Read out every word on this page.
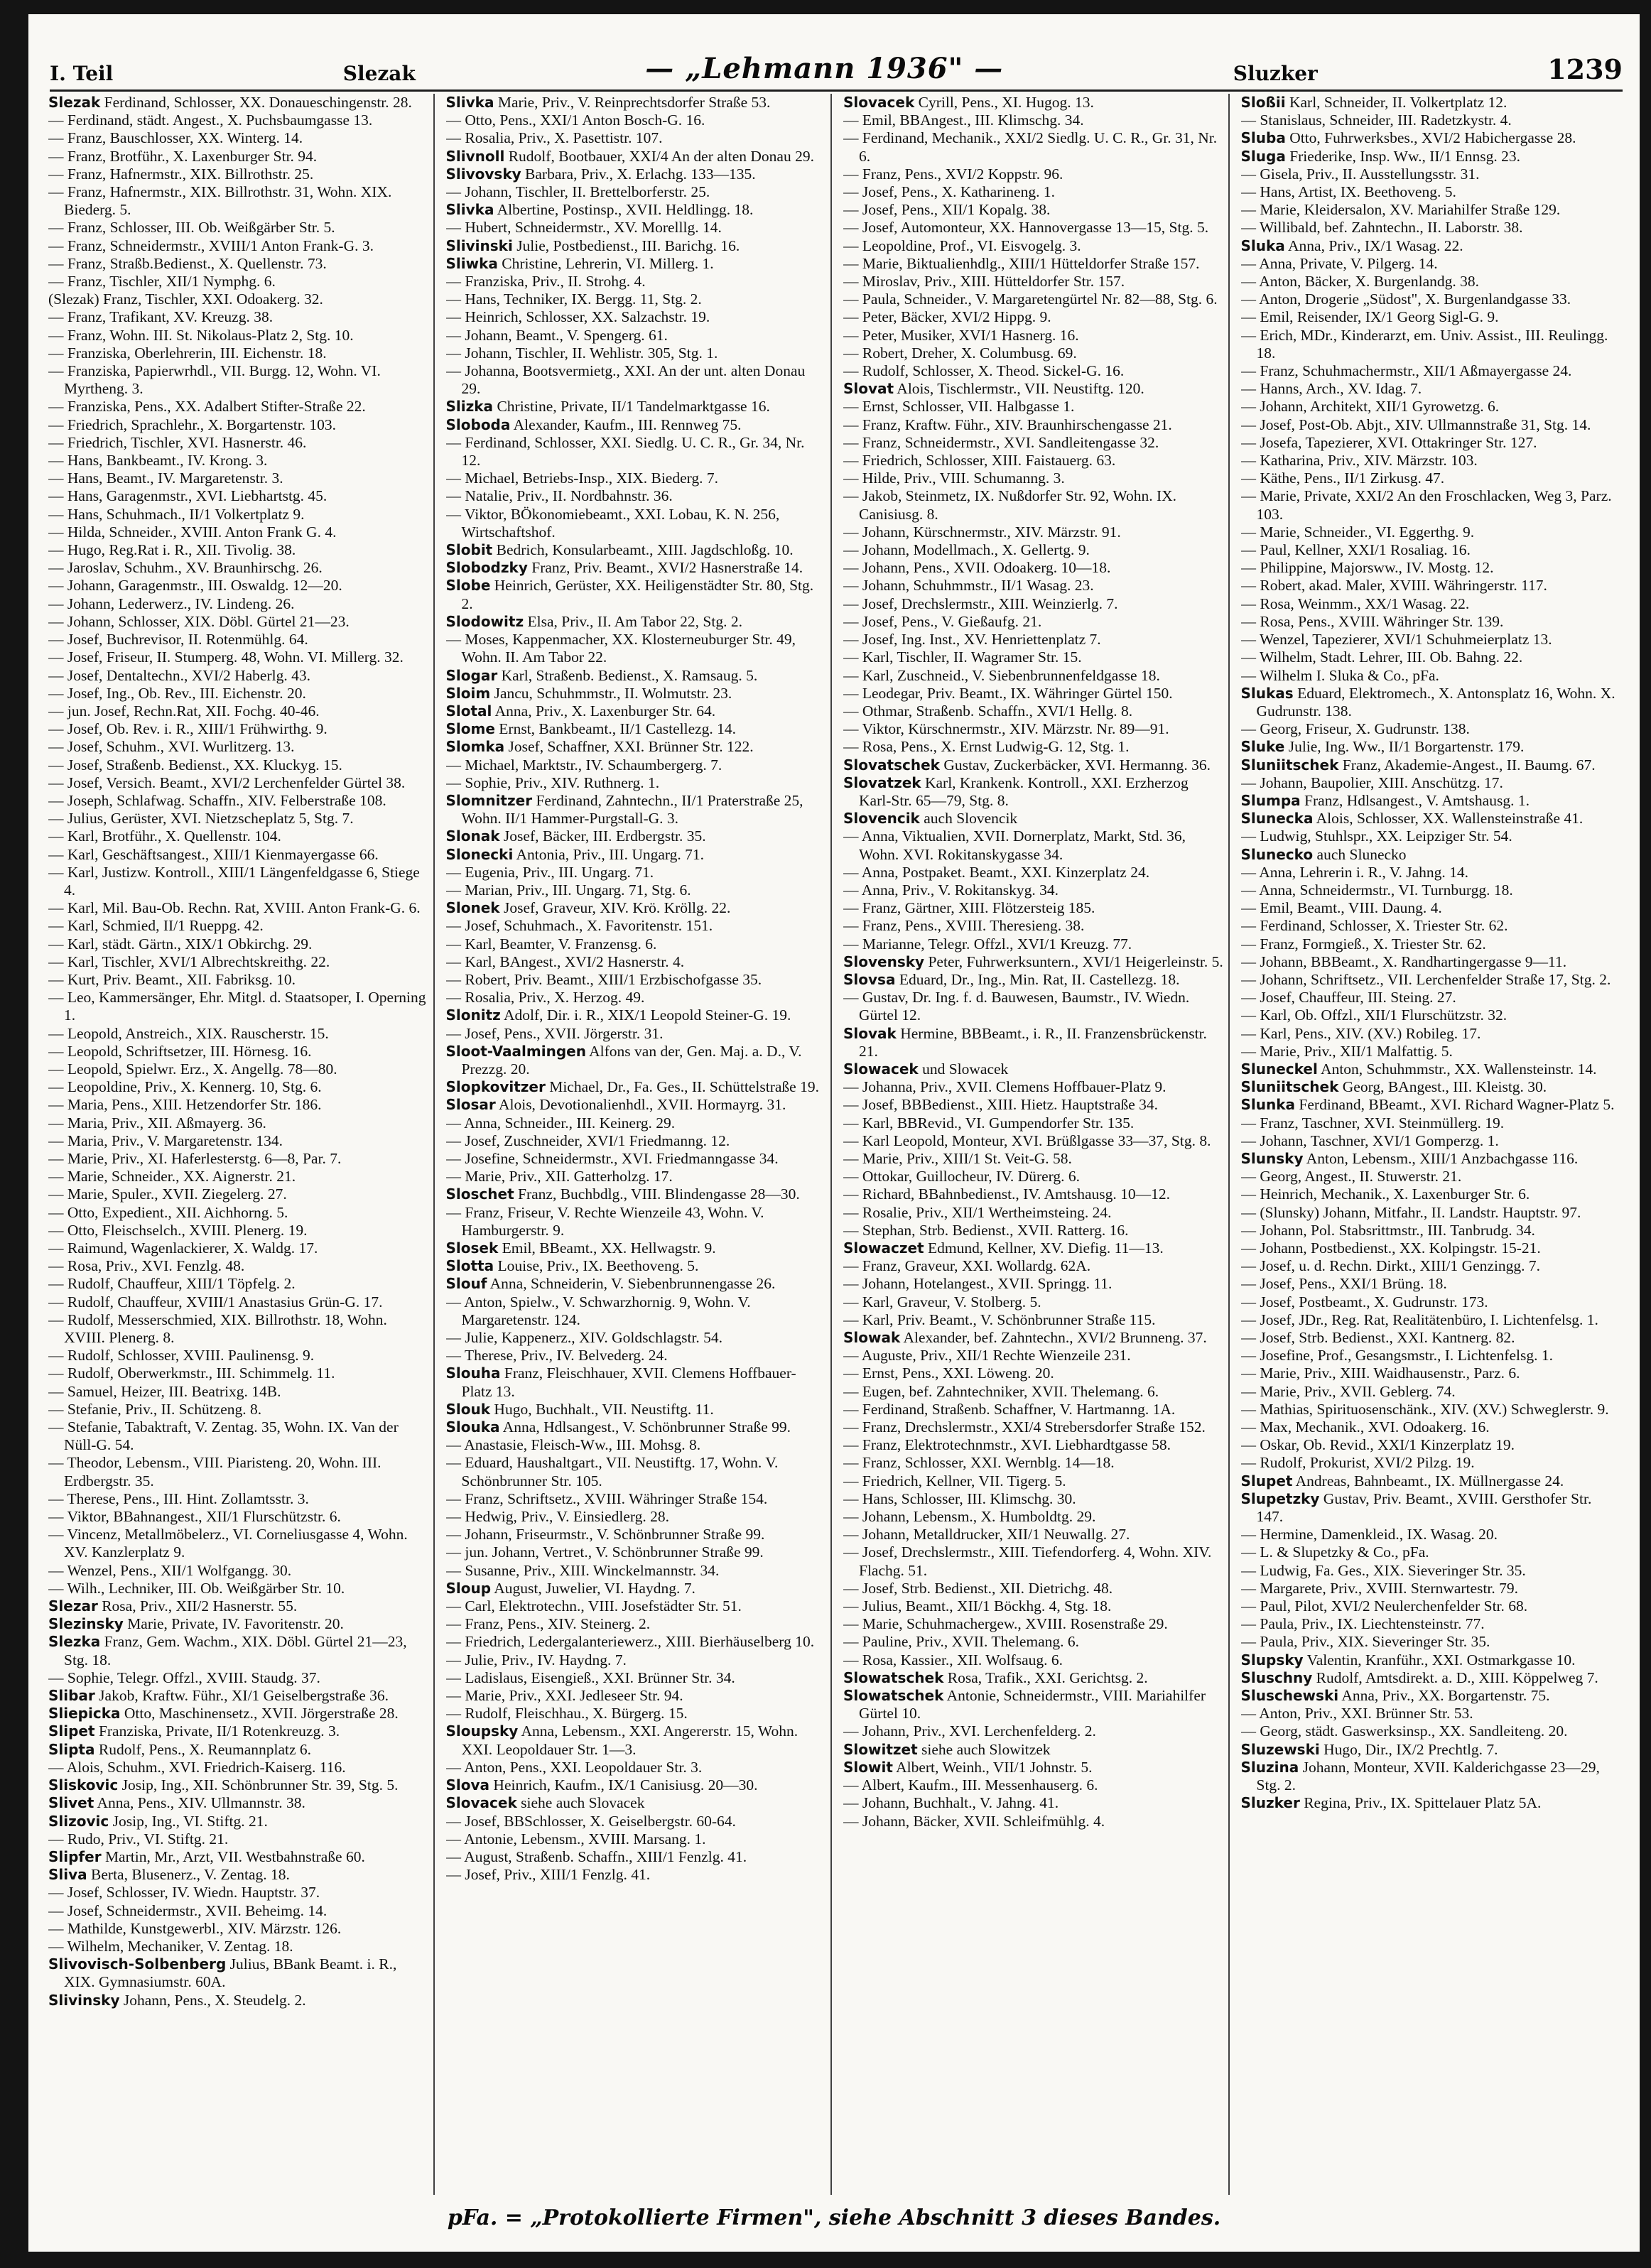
I. Teil	Slezak	— „Lehmann 1936" —	Sluzker	1239

Slezak Ferdinand, Schlosser, XX. Donaueschingenstr. 28.

— Ferdinand, städt. Angest., X. Puchsbaumgasse 13.

— Franz, Bauschlosser, XX. Winterg. 14.

— Franz, Brotführ., X. Laxenburger Str. 94.

— Franz, Hafnermstr., XIX. Billrothstr. 25.

— Franz, Hafnermstr., XIX. Billrothstr. 31, Wohn. XIX. Biederg. 5.

— Franz, Schlosser, III. Ob. Weißgärber Str. 5.

— Franz, Schneidermstr., XVIII/1 Anton Frank-G. 3.

— Franz, Straßb.Bedienst., X. Quellenstr. 73.

— Franz, Tischler, XII/1 Nymphg. 6.

(Slezak) Franz, Tischler, XXI. Odoakerg. 32.

— Franz, Trafikant, XV. Kreuzg. 38.

— Franz, Wohn. III. St. Nikolaus-Platz 2, Stg. 10.

— Franziska, Oberlehrerin, III. Eichenstr. 18.

— Franziska, Papierwrhdl., VII. Burgg. 12, Wohn. VI. Myrtheng. 3.

— Franziska, Pens., XX. Adalbert Stifter-Straße 22.

— Friedrich, Sprachlehr., X. Borgartenstr. 103.

— Friedrich, Tischler, XVI. Hasnerstr. 46.

— Hans, Bankbeamt., IV. Krong. 3.

— Hans, Beamt., IV. Margaretenstr. 3.

— Hans, Garagenmstr., XVI. Liebhartstg. 45.

— Hans, Schuhmach., II/1 Volkertplatz 9.

— Hilda, Schneider., XVIII. Anton Frank G. 4.

— Hugo, Reg.Rat i. R., XII. Tivolig. 38.

— Jaroslav, Schuhm., XV. Braunhirschg. 26.

— Johann, Garagenmstr., III. Oswaldg. 12—20.

— Johann, Lederwerz., IV. Lindeng. 26.

— Johann, Schlosser, XIX. Döbl. Gürtel 21—23.

— Josef, Buchrevisor, II. Rotenmühlg. 64.

— Josef, Friseur, II. Stumperg. 48, Wohn. VI. Millerg. 32.

— Josef, Dentaltechn., XVI/2 Haberlg. 43.

— Josef, Ing., Ob. Rev., III. Eichenstr. 20.

— jun. Josef, Rechn.Rat, XII. Fochg. 40-46.

— Josef, Ob. Rev. i. R., XIII/1 Frühwirthg. 9.

— Josef, Schuhm., XVI. Wurlitzerg. 13.

— Josef, Straßenb. Bedienst., XX. Kluckyg. 15.

— Josef, Versich. Beamt., XVI/2 Lerchenfelder Gürtel 38.

— Joseph, Schlafwag. Schaffn., XIV. Felberstraße 108.

— Julius, Gerüster, XVI. Nietzscheplatz 5, Stg. 7.

— Karl, Brotführ., X. Quellenstr. 104.

— Karl, Geschäftsangest., XIII/1 Kienmayergasse 66.

— Karl, Justizw. Kontroll., XIII/1 Längenfeldgasse 6, Stiege 4.

— Karl, Mil. Bau-Ob. Rechn. Rat, XVIII. Anton Frank-G. 6.

— Karl, Schmied, II/1 Rueppg. 42.

— Karl, städt. Gärtn., XIX/1 Obkirchg. 29.

— Karl, Tischler, XVI/1 Albrechtskreithg. 22.

— Kurt, Priv. Beamt., XII. Fabriksg. 10.

— Leo, Kammersänger, Ehr. Mitgl. d. Staatsoper, I. Operning 1.

— Leopold, Anstreich., XIX. Rauscherstr. 15.

— Leopold, Schriftsetzer, III. Hörnesg. 16.

— Leopold, Spielwr. Erz., X. Angellg. 78—80.

— Leopoldine, Priv., X. Kennerg. 10, Stg. 6.

— Maria, Pens., XIII. Hetzendorfer Str. 186.

— Maria, Priv., XII. Aßmayerg. 36.

— Maria, Priv., V. Margaretenstr. 134.

— Marie, Priv., XI. Haferlesterstg. 6—8, Par. 7.

— Marie, Schneider., XX. Aignerstr. 21.

— Marie, Spuler., XVII. Ziegelerg. 27.

— Otto, Expedient., XII. Aichhorng. 5.

— Otto, Fleischselch., XVIII. Plenerg. 19.

— Raimund, Wagenlackierer, X. Waldg. 17.

— Rosa, Priv., XVI. Fenzlg. 48.

— Rudolf, Chauffeur, XIII/1 Töpfelg. 2.

— Rudolf, Chauffeur, XVIII/1 Anastasius Grün-G. 17.

— Rudolf, Messerschmied, XIX. Billrothstr. 18, Wohn. XVIII. Plenerg. 8.

— Rudolf, Schlosser, XVIII. Paulinensg. 9.

— Rudolf, Oberwerkmstr., III. Schimmelg. 11.

— Samuel, Heizer, III. Beatrixg. 14B.

— Stefanie, Priv., II. Schützeng. 8.

— Stefanie, Tabaktraft, V. Zentag. 35, Wohn. IX. Van der Nüll-G. 54.

— Theodor, Lebensm., VIII. Piaristeng. 20, Wohn. III. Erdbergstr. 35.

— Therese, Pens., III. Hint. Zollamtsstr. 3.

— Viktor, BBahnangest., XII/1 Flurschützstr. 6.

— Vincenz, Metallmöbelerz., VI. Corneliusgasse 4, Wohn. XV. Kanzlerplatz 9.

— Wenzel, Pens., XII/1 Wolfgangg. 30.

— Wilh., Lechniker, III. Ob. Weißgärber Str. 10.

Slezar Rosa, Priv., XII/2 Hasnerstr. 55.

Slezinsky Marie, Private, IV. Favoritenstr. 20.

Slezka Franz, Gem. Wachm., XIX. Döbl. Gürtel 21—23, Stg. 18.

— Sophie, Telegr. Offzl., XVIII. Staudg. 37.

Slibar Jakob, Kraftw. Führ., XI/1 Geiselbergstraße 36.

Sliepicka Otto, Maschinensetz., XVII. Jörgerstraße 28.

Slipet Franziska, Private, II/1 Rotenkreuzg. 3.

Slipta Rudolf, Pens., X. Reumannplatz 6.

— Alois, Schuhm., XVI. Friedrich-Kaiserg. 116.

Sliskovic Josip, Ing., XII. Schönbrunner Str. 39, Stg. 5.

Slivet Anna, Pens., XIV. Ullmannstr. 38.

Slizovic Josip, Ing., VI. Stiftg. 21.

— Rudo, Priv., VI. Stiftg. 21.

Slipfer Martin, Mr., Arzt, VII. Westbahnstraße 60.

Sliva Berta, Blusenerz., V. Zentag. 18.

— Josef, Schlosser, IV. Wiedn. Hauptstr. 37.

— Josef, Schneidermstr., XVII. Beheimg. 14.

— Mathilde, Kunstgewerbl., XIV. Märzstr. 126.

— Wilhelm, Mechaniker, V. Zentag. 18.

Slivovisch-Solbenberg Julius, BBank Beamt. i. R., XIX. Gymnasiumstr. 60A.

Slivinsky Johann, Pens., X. Steudelg. 2.

Slivka Marie, Priv., V. Reinprechtsdorfer Straße 53.

— Otto, Pens., XXI/1 Anton Bosch-G. 16.

— Rosalia, Priv., X. Pasettistr. 107.

Slivnoll Rudolf, Bootbauer, XXI/4 An der alten Donau 29.

Slivovsky Barbara, Priv., X. Erlachg. 133—135.

— Johann, Tischler, II. Brettelborferstr. 25.

Slivka Albertine, Postinsp., XVII. Heldlingg. 18.

— Hubert, Schneidermstr., XV. Morelllg. 14.

Slivinski Julie, Postbedienst., III. Barichg. 16.

Sliwka Christine, Lehrerin, VI. Millerg. 1.

— Franziska, Priv., II. Strohg. 4.

— Hans, Techniker, IX. Bergg. 11, Stg. 2.

— Heinrich, Schlosser, XX. Salzachstr. 19.

— Johann, Beamt., V. Spengerg. 61.

— Johann, Tischler, II. Wehlistr. 305, Stg. 1.

— Johanna, Bootsvermietg., XXI. An der unt. alten Donau 29.

Slizka Christine, Private, II/1 Tandelmarktgasse 16.

Sloboda Alexander, Kaufm., III. Rennweg 75.

— Ferdinand, Schlosser, XXI. Siedlg. U. C. R., Gr. 34, Nr. 12.

— Michael, Betriebs-Insp., XIX. Biederg. 7.

— Natalie, Priv., II. Nordbahnstr. 36.

— Viktor, BÖkonomiebeamt., XXI. Lobau, K. N. 256, Wirtschaftshof.

Slobit Bedrich, Konsularbeamt., XIII. Jagdschloßg. 10.

Slobodzky Franz, Priv. Beamt., XVI/2 Hasnerstraße 14.

Slobe Heinrich, Gerüster, XX. Heiligenstädter Str. 80, Stg. 2.

Slodowitz Elsa, Priv., II. Am Tabor 22, Stg. 2.

— Moses, Kappenmacher, XX. Klosterneuburger Str. 49, Wohn. II. Am Tabor 22.

Slogar Karl, Straßenb. Bedienst., X. Ramsaug. 5.

Sloim Jancu, Schuhmmstr., II. Wolmutstr. 23.

Slotal Anna, Priv., X. Laxenburger Str. 64.

Slome Ernst, Bankbeamt., II/1 Castellezg. 14.

Slomka Josef, Schaffner, XXI. Brünner Str. 122.

— Michael, Marktstr., IV. Schaumbergerg. 7.

— Sophie, Priv., XIV. Ruthnerg. 1.

Slomnitzer Ferdinand, Zahntechn., II/1 Praterstraße 25, Wohn. II/1 Hammer-Purgstall-G. 3.

Slonak Josef, Bäcker, III. Erdbergstr. 35.

Slonecki Antonia, Priv., III. Ungarg. 71.

— Eugenia, Priv., III. Ungarg. 71.

— Marian, Priv., III. Ungarg. 71, Stg. 6.

Slonek Josef, Graveur, XIV. Krö. Kröllg. 22.

— Josef, Schuhmach., X. Favoritenstr. 151.

— Karl, Beamter, V. Franzensg. 6.

— Karl, BAngest., XVI/2 Hasnerstr. 4.

— Robert, Priv. Beamt., XIII/1 Erzbischofgasse 35.

— Rosalia, Priv., X. Herzog. 49.

Slonitz Adolf, Dir. i. R., XIX/1 Leopold Steiner-G. 19.

— Josef, Pens., XVII. Jörgerstr. 31.

Sloot-Vaalmingen Alfons van der, Gen. Maj. a. D., V. Prezzg. 20.

Slopkovitzer Michael, Dr., Fa. Ges., II. Schüttelstraße 19.

Slosar Alois, Devotionalienhdl., XVII. Hormayrg. 31.

— Anna, Schneider., III. Keinerg. 29.

— Josef, Zuschneider, XVI/1 Friedmanng. 12.

— Josefine, Schneidermstr., XVI. Friedmanngasse 34.

— Marie, Priv., XII. Gatterholzg. 17.

Sloschet Franz, Buchbdlg., VIII. Blindengasse 28—30.

— Franz, Friseur, V. Rechte Wienzeile 43, Wohn. V. Hamburgerstr. 9.

Slosek Emil, BBeamt., XX. Hellwagstr. 9.

Slotta Louise, Priv., IX. Beethoveng. 5.

Slouf Anna, Schneiderin, V. Siebenbrunnengasse 26.

— Anton, Spielw., V. Schwarzhornig. 9, Wohn. V. Margaretenstr. 124.

— Julie, Kappenerz., XIV. Goldschlagstr. 54.

— Therese, Priv., IV. Belvederg. 24.

Slouha Franz, Fleischhauer, XVII. Clemens Hoffbauer-Platz 13.

Slouk Hugo, Buchhalt., VII. Neustiftg. 11.

Slouka Anna, Hdlsangest., V. Schönbrunner Straße 99.

— Anastasie, Fleisch-Ww., III. Mohsg. 8.

— Eduard, Haushaltgart., VII. Neustiftg. 17, Wohn. V. Schönbrunner Str. 105.

— Franz, Schriftsetz., XVIII. Währinger Straße 154.

— Hedwig, Priv., V. Einsiedlerg. 28.

— Johann, Friseurmstr., V. Schönbrunner Straße 99.

— jun. Johann, Vertret., V. Schönbrunner Straße 99.

— Susanne, Priv., XIII. Winckelmannstr. 34.

Sloup August, Juwelier, VI. Haydng. 7.

— Carl, Elektrotechn., VIII. Josefstädter Str. 51.

— Franz, Pens., XIV. Steinerg. 2.

— Friedrich, Ledergalanteriewerz., XIII. Bierhäuselberg 10.

— Julie, Priv., IV. Haydng. 7.

— Ladislaus, Eisengieß., XXI. Brünner Str. 34.

— Marie, Priv., XXI. Jedleseer Str. 94.

— Rudolf, Fleischhau., X. Bürgerg. 15.

Sloupsky Anna, Lebensm., XXI. Angererstr. 15, Wohn. XXI. Leopoldauer Str. 1—3.

— Anton, Pens., XXI. Leopoldauer Str. 3.

Slova Heinrich, Kaufm., IX/1 Canisiusg. 20—30.

Slovacek siehe auch Slovacek

— Josef, BBSchlosser, X. Geiselbergstr. 60-64.

— Antonie, Lebensm., XVIII. Marsang. 1.

— August, Straßenb. Schaffn., XIII/1 Fenzlg. 41.

— Josef, Priv., XIII/1 Fenzlg. 41.

Slovacek Cyrill, Pens., XI. Hugog. 13.

— Emil, BBAngest., III. Klimschg. 34.

— Ferdinand, Mechanik., XXI/2 Siedlg. U. C. R., Gr. 31, Nr. 6.

— Franz, Pens., XVI/2 Koppstr. 96.

— Josef, Pens., X. Katharineng. 1.

— Josef, Pens., XII/1 Kopalg. 38.

— Josef, Automonteur, XX. Hannovergasse 13—15, Stg. 5.

— Leopoldine, Prof., VI. Eisvogelg. 3.

— Marie, Biktualienhdlg., XIII/1 Hütteldorfer Straße 157.

— Miroslav, Priv., XIII. Hütteldorfer Str. 157.

— Paula, Schneider., V. Margaretengürtel Nr. 82—88, Stg. 6.

— Peter, Bäcker, XVI/2 Hippg. 9.

— Peter, Musiker, XVI/1 Hasnerg. 16.

— Robert, Dreher, X. Columbusg. 69.

— Rudolf, Schlosser, X. Theod. Sickel-G. 16.

Slovat Alois, Tischlermstr., VII. Neustiftg. 120.

— Ernst, Schlosser, VII. Halbgasse 1.

— Franz, Kraftw. Führ., XIV. Braunhirschengasse 21.

— Franz, Schneidermstr., XVI. Sandleitengasse 32.

— Friedrich, Schlosser, XIII. Faistauerg. 63.

— Hilde, Priv., VIII. Schumanng. 3.

— Jakob, Steinmetz, IX. Nußdorfer Str. 92, Wohn. IX. Canisiusg. 8.

— Johann, Kürschnermstr., XIV. Märzstr. 91.

— Johann, Modellmach., X. Gellertg. 9.

— Johann, Pens., XVII. Odoakerg. 10—18.

— Johann, Schuhmmstr., II/1 Wasag. 23.

— Josef, Drechslermstr., XIII. Weinzierlg. 7.

— Josef, Pens., V. Gießaufg. 21.

— Josef, Ing. Inst., XV. Henriettenplatz 7.

— Karl, Tischler, II. Wagramer Str. 15.

— Karl, Zuschneid., V. Siebenbrunnenfeldgasse 18.

— Leodegar, Priv. Beamt., IX. Währinger Gürtel 150.

— Othmar, Straßenb. Schaffn., XVI/1 Hellg. 8.

— Viktor, Kürschnermstr., XIV. Märzstr. Nr. 89—91.

— Rosa, Pens., X. Ernst Ludwig-G. 12, Stg. 1.

Slovatschek Gustav, Zuckerbäcker, XVI. Hermanng. 36.

Slovatzek Karl, Krankenk. Kontroll., XXI. Erzherzog Karl-Str. 65—79, Stg. 8.

Slovencik auch Slovencik

— Anna, Viktualien, XVII. Dornerplatz, Markt, Std. 36, Wohn. XVI. Rokitanskygasse 34.

— Anna, Postpaket. Beamt., XXI. Kinzerplatz 24.

— Anna, Priv., V. Rokitanskyg. 34.

— Franz, Gärtner, XIII. Flötzersteig 185.

— Franz, Pens., XVIII. Theresieng. 38.

— Marianne, Telegr. Offzl., XVI/1 Kreuzg. 77.

Slovensky Peter, Fuhrwerksuntern., XVI/1 Heigerleinstr. 5.

Slovsa Eduard, Dr., Ing., Min. Rat, II. Castellezg. 18.

— Gustav, Dr. Ing. f. d. Bauwesen, Baumstr., IV. Wiedn. Gürtel 12.

Slovak Hermine, BBBeamt., i. R., II. Franzensbrückenstr. 21.

Slowacek und Slowacek

— Johanna, Priv., XVII. Clemens Hoffbauer-Platz 9.

— Josef, BBBedienst., XIII. Hietz. Hauptstraße 34.

— Karl, BBRevid., VI. Gumpendorfer Str. 135.

— Karl Leopold, Monteur, XVI. Brüßlgasse 33—37, Stg. 8.

— Marie, Priv., XIII/1 St. Veit-G. 58.

— Ottokar, Guillocheur, IV. Dürerg. 6.

— Richard, BBahnbedienst., IV. Amtshausg. 10—12.

— Rosalie, Priv., XII/1 Wertheimsteing. 24.

— Stephan, Strb. Bedienst., XVII. Ratterg. 16.

Slowaczet Edmund, Kellner, XV. Diefig. 11—13.

— Franz, Graveur, XXI. Wollardg. 62A.

— Johann, Hotelangest., XVII. Springg. 11.

— Karl, Graveur, V. Stolberg. 5.

— Karl, Priv. Beamt., V. Schönbrunner Straße 115.

Slowak Alexander, bef. Zahntechn., XVI/2 Brunneng. 37.

— Auguste, Priv., XII/1 Rechte Wienzeile 231.

— Ernst, Pens., XXI. Löweng. 20.

— Eugen, bef. Zahntechniker, XVII. Thelemang. 6.

— Ferdinand, Straßenb. Schaffner, V. Hartmanng. 1A.

— Franz, Drechslermstr., XXI/4 Strebersdorfer Straße 152.

— Franz, Elektrotechnmstr., XVI. Liebhardtgasse 58.

— Franz, Schlosser, XXI. Wernblg. 14—18.

— Friedrich, Kellner, VII. Tigerg. 5.

— Hans, Schlosser, III. Klimschg. 30.

— Johann, Lebensm., X. Humboldtg. 29.

— Johann, Metalldrucker, XII/1 Neuwallg. 27.

— Josef, Drechslermstr., XIII. Tiefendorferg. 4, Wohn. XIV. Flachg. 51.

— Josef, Strb. Bedienst., XII. Dietrichg. 48.

— Julius, Beamt., XII/1 Böckhg. 4, Stg. 18.

— Marie, Schuhmachergew., XVIII. Rosenstraße 29.

— Pauline, Priv., XVII. Thelemang. 6.

— Rosa, Kassier., XII. Wolfsaug. 6.

Slowatschek Rosa, Trafik., XXI. Gerichtsg. 2.

Slowatschek Antonie, Schneidermstr., VIII. Mariahilfer Gürtel 10.

— Johann, Priv., XVI. Lerchenfelderg. 2.

Slowitzet siehe auch Slowitzek

Slowit Albert, Weinh., VII/1 Johnstr. 5.

— Albert, Kaufm., III. Messenhauserg. 6.

— Johann, Buchhalt., V. Jahng. 41.

— Johann, Bäcker, XVII. Schleifmühlg. 4.

Sloßii Karl, Schneider, II. Volkertplatz 12.

— Stanislaus, Schneider, III. Radetzkystr. 4.

Sluba Otto, Fuhrwerksbes., XVI/2 Habichergasse 28.

Sluga Friederike, Insp. Ww., II/1 Ennsg. 23.

— Gisela, Priv., II. Ausstellungsstr. 31.

— Hans, Artist, IX. Beethoveng. 5.

— Marie, Kleidersalon, XV. Mariahilfer Straße 129.

— Willibald, bef. Zahntechn., II. Laborstr. 38.

Sluka Anna, Priv., IX/1 Wasag. 22.

— Anna, Private, V. Pilgerg. 14.

— Anton, Bäcker, X. Burgenlandg. 38.

— Anton, Drogerie „Südost", X. Burgenlandgasse 33.

— Emil, Reisender, IX/1 Georg Sigl-G. 9.

— Erich, MDr., Kinderarzt, em. Univ. Assist., III. Reulingg. 18.

— Franz, Schuhmachermstr., XII/1 Aßmayergasse 24.

— Hanns, Arch., XV. Idag. 7.

— Johann, Architekt, XII/1 Gyrowetzg. 6.

— Josef, Post-Ob. Abjt., XIV. Ullmannstraße 31, Stg. 14.

— Josefa, Tapezierer, XVI. Ottakringer Str. 127.

— Katharina, Priv., XIV. Märzstr. 103.

— Käthe, Pens., II/1 Zirkusg. 47.

— Marie, Private, XXI/2 An den Froschlacken, Weg 3, Parz. 103.

— Marie, Schneider., VI. Eggerthg. 9.

— Paul, Kellner, XXI/1 Rosaliag. 16.

— Philippine, Majorsww., IV. Mostg. 12.

— Robert, akad. Maler, XVIII. Währingerstr. 117.

— Rosa, Weinmm., XX/1 Wasag. 22.

— Rosa, Pens., XVIII. Währinger Str. 139.

— Wenzel, Tapezierer, XVI/1 Schuhmeierplatz 13.

— Wilhelm, Stadt. Lehrer, III. Ob. Bahng. 22.

— Wilhelm I. Sluka & Co., pFa.

Slukas Eduard, Elektromech., X. Antonsplatz 16, Wohn. X. Gudrunstr. 138.

— Georg, Friseur, X. Gudrunstr. 138.

Sluke Julie, Ing. Ww., II/1 Borgartenstr. 179.

Sluniitschek Franz, Akademie-Angest., II. Baumg. 67.

— Johann, Baupolier, XIII. Anschützg. 17.

Slumpa Franz, Hdlsangest., V. Amtshausg. 1.

Slunecka Alois, Schlosser, XX. Wallensteinstraße 41.

— Ludwig, Stuhlspr., XX. Leipziger Str. 54.

Slunecko auch Slunecko

— Anna, Lehrerin i. R., V. Jahng. 14.

— Anna, Schneidermstr., VI. Turnburgg. 18.

— Emil, Beamt., VIII. Daung. 4.

— Ferdinand, Schlosser, X. Triester Str. 62.

— Franz, Formgieß., X. Triester Str. 62.

— Johann, BBBeamt., X. Randhartingergasse 9—11.

— Johann, Schriftsetz., VII. Lerchenfelder Straße 17, Stg. 2.

— Josef, Chauffeur, III. Steing. 27.

— Karl, Ob. Offzl., XII/1 Flurschützstr. 32.

— Karl, Pens., XIV. (XV.) Robileg. 17.

— Marie, Priv., XII/1 Malfattig. 5.

Sluneckel Anton, Schuhmmstr., XX. Wallensteinstr. 14.

Sluniitschek Georg, BAngest., III. Kleistg. 30.

Slunka Ferdinand, BBeamt., XVI. Richard Wagner-Platz 5.

— Franz, Taschner, XVI. Steinmüllerg. 19.

— Johann, Taschner, XVI/1 Gomperzg. 1.

Slunsky Anton, Lebensm., XIII/1 Anzbachgasse 116.

— Georg, Angest., II. Stuwerstr. 21.

— Heinrich, Mechanik., X. Laxenburger Str. 6.

— (Slunsky) Johann, Mitfahr., II. Landstr. Hauptstr. 97.

— Johann, Pol. Stabsrittmstr., III. Tanbrudg. 34.

— Johann, Postbedienst., XX. Kolpingstr. 15-21.

— Josef, u. d. Rechn. Dirkt., XIII/1 Genzingg. 7.

— Josef, Pens., XXI/1 Brüng. 18.

— Josef, Postbeamt., X. Gudrunstr. 173.

— Josef, JDr., Reg. Rat, Realitätenbüro, I. Lichtenfelsg. 1.

— Josef, Strb. Bedienst., XXI. Kantnerg. 82.

— Josefine, Prof., Gesangsmstr., I. Lichtenfelsg. 1.

— Marie, Priv., XIII. Waidhausenstr., Parz. 6.

— Marie, Priv., XVII. Geblerg. 74.

— Mathias, Spirituosenschänk., XIV. (XV.) Schweglerstr. 9.

— Max, Mechanik., XVI. Odoakerg. 16.

— Oskar, Ob. Revid., XXI/1 Kinzerplatz 19.

— Rudolf, Prokurist, XVI/2 Pilzg. 19.

Slupet Andreas, Bahnbeamt., IX. Müllnergasse 24.

Slupetzky Gustav, Priv. Beamt., XVIII. Gersthofer Str. 147.

— Hermine, Damenkleid., IX. Wasag. 20.

— L. & Slupetzky & Co., pFa.

— Ludwig, Fa. Ges., XIX. Sieveringer Str. 35.

— Margarete, Priv., XVIII. Sternwartestr. 79.

— Paul, Pilot, XVI/2 Neulerchenfelder Str. 68.

— Paula, Priv., IX. Liechtensteinstr. 77.

— Paula, Priv., XIX. Sieveringer Str. 35.

Slupsky Valentin, Kranführ., XXI. Ostmarkgasse 10.

Sluschny Rudolf, Amtsdirekt. a. D., XIII. Köppelweg 7.

Sluschewski Anna, Priv., XX. Borgartenstr. 75.

— Anton, Priv., XXI. Brünner Str. 53.

— Georg, städt. Gaswerksinsp., XX. Sandleiteng. 20.

Sluzewski Hugo, Dir., IX/2 Prechtlg. 7.

Sluzina Johann, Monteur, XVII. Kalderichgasse 23—29, Stg. 2.

Sluzker Regina, Priv., IX. Spittelauer Platz 5A.

pFa. = „Protokollierte Firmen", siehe Abschnitt 3 dieses Bandes.
